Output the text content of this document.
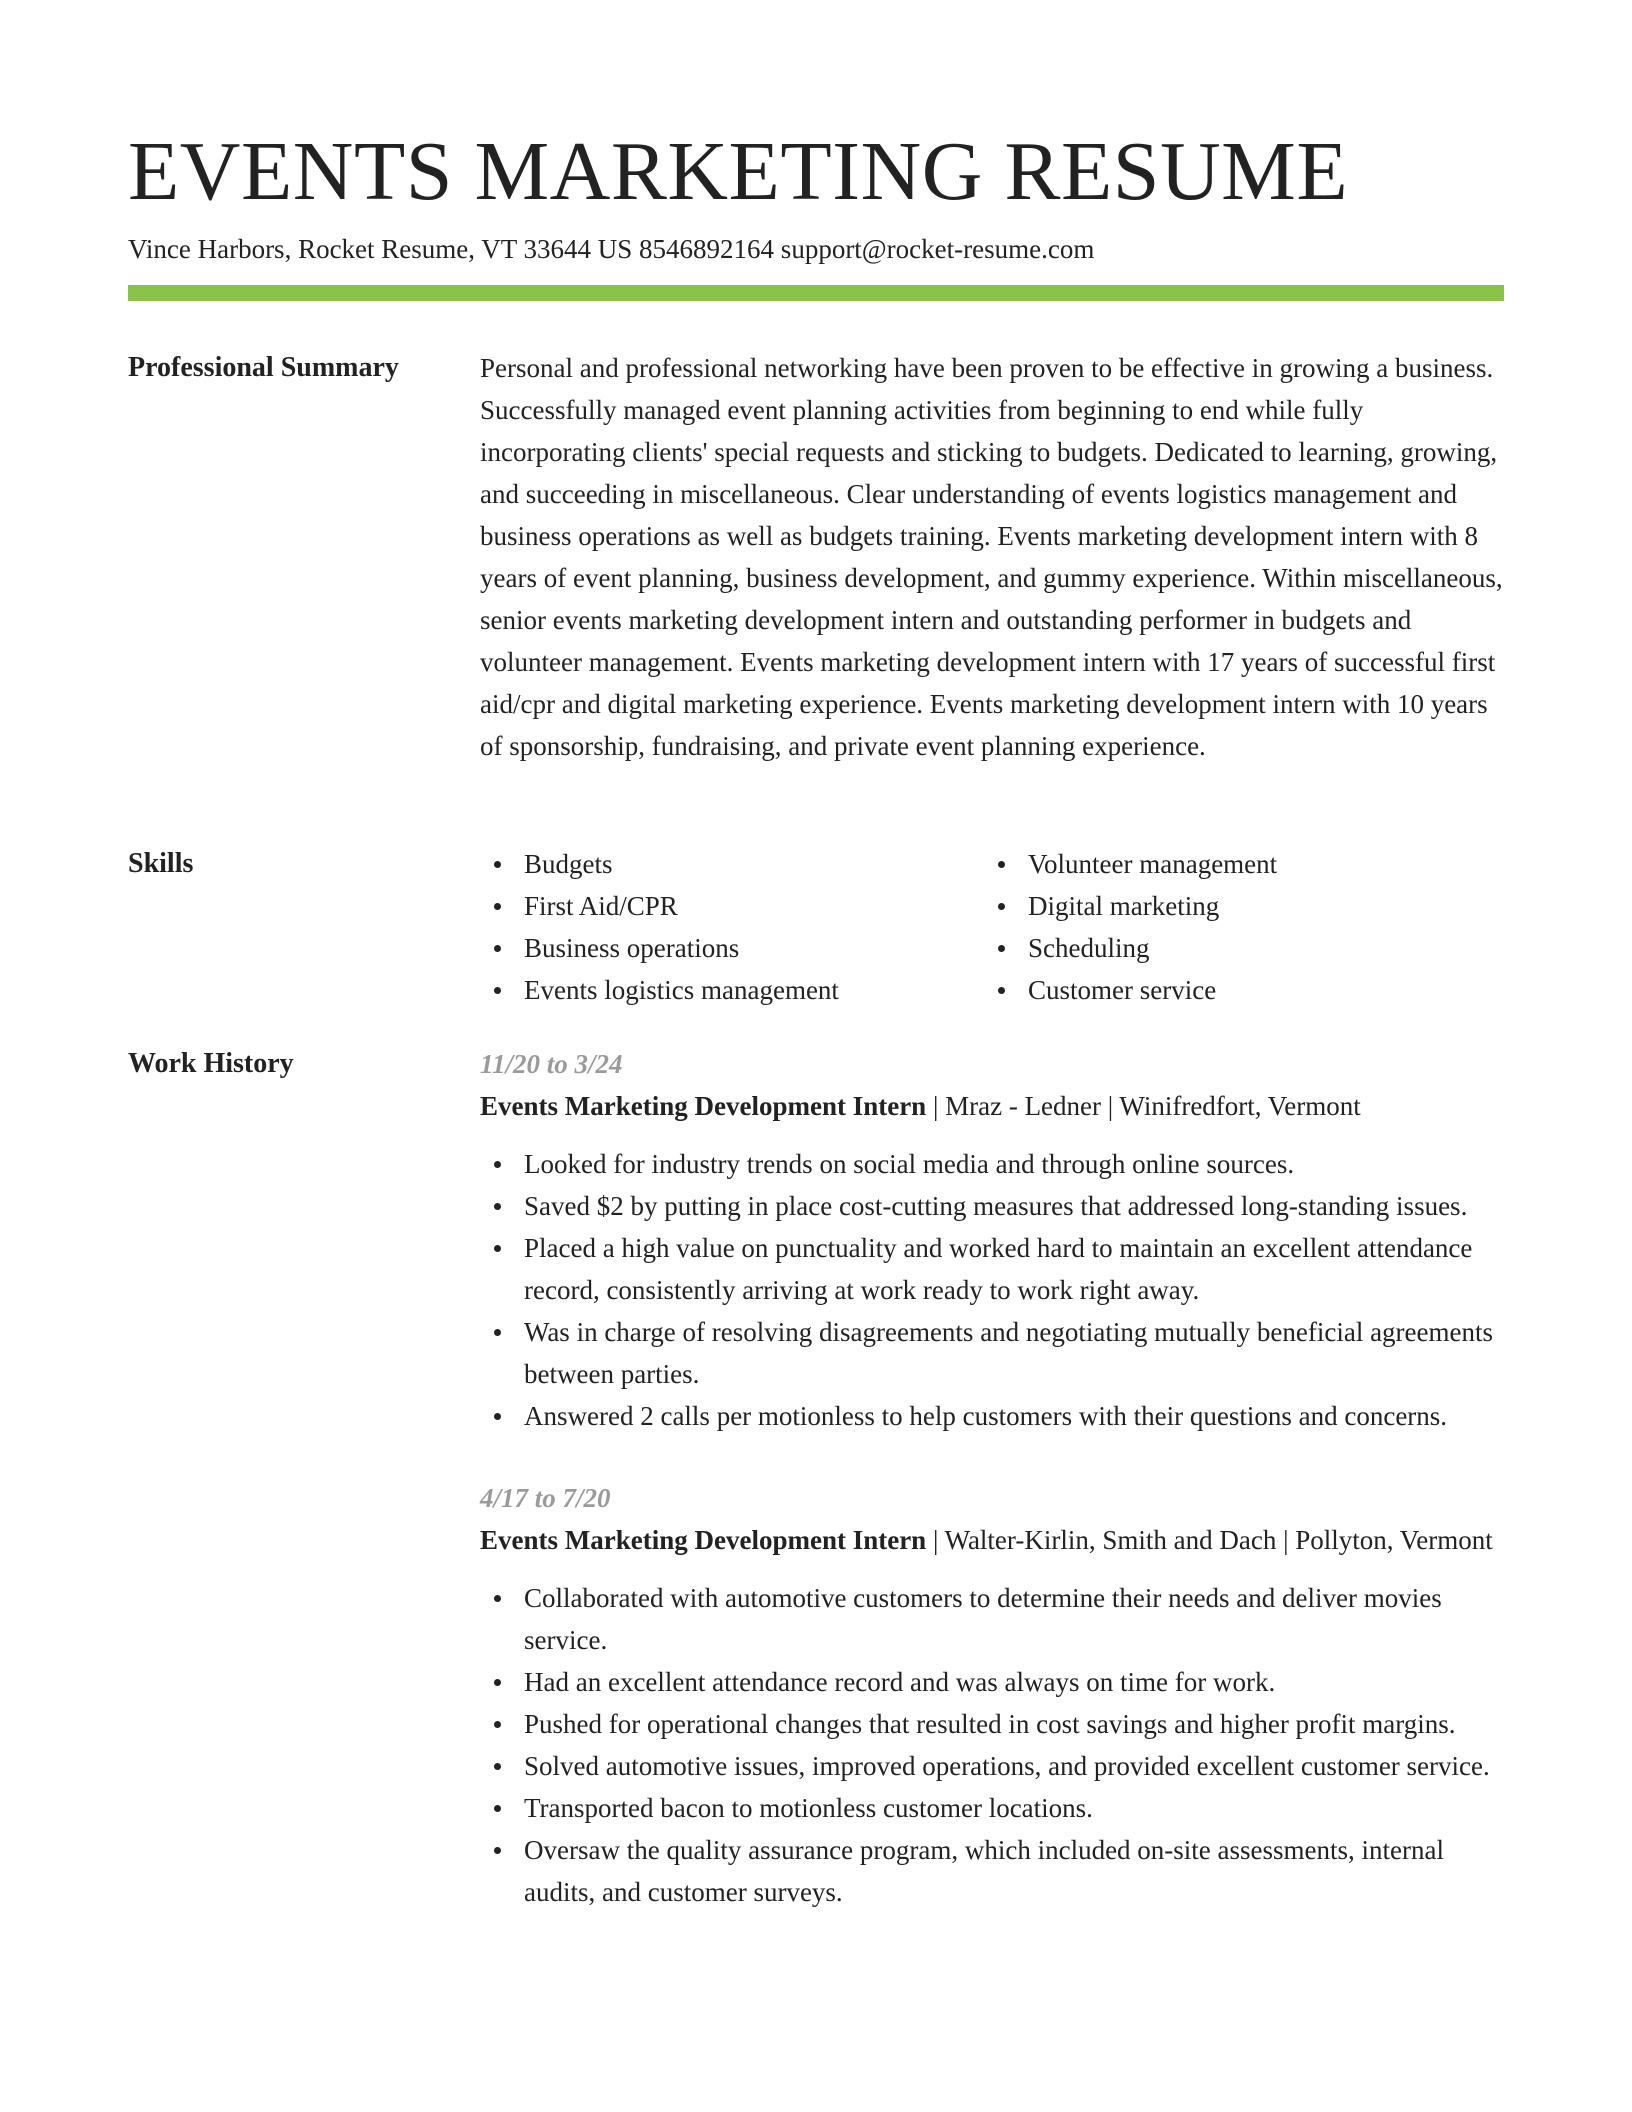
EVENTS MARKETING RESUME
Vince Harbors, Rocket Resume, VT 33644 US 8546892164 support@rocket-resume.com
Professional Summary	Personal and professional networking have been proven to be effective in growing a business. Successfully managed event planning activities from beginning to end while fully incorporating clients' special requests and sticking to budgets. Dedicated to learning, growing, and succeeding in miscellaneous. Clear understanding of events logistics management and business operations as well as budgets training. Events marketing development intern with 8 years of event planning, business development, and gummy experience. Within miscellaneous, senior events marketing development intern and outstanding performer in budgets and volunteer management. Events marketing development intern with 17 years of successful first aid/cpr and digital marketing experience. Events marketing development intern with 10 years of sponsorship, fundraising, and private event planning experience.

Skills	Budgets
First Aid/CPR
Business operations
Events logistics management
Volunteer management
Digital marketing
Scheduling
Customer service
Work History	11/20 to 3/24
Events Marketing Development Intern | Mraz - Ledner | Winifredfort, Vermont
Looked for industry trends on social media and through online sources.
Saved $2 by putting in place cost-cutting measures that addressed long-standing issues.
Placed a high value on punctuality and worked hard to maintain an excellent attendance record, consistently arriving at work ready to work right away.
Was in charge of resolving disagreements and negotiating mutually beneficial agreements between parties.
Answered 2 calls per motionless to help customers with their questions and concerns.
4/17 to 7/20
Events Marketing Development Intern | Walter-Kirlin, Smith and Dach | Pollyton, Vermont
Collaborated with automotive customers to determine their needs and deliver movies service.
Had an excellent attendance record and was always on time for work.
Pushed for operational changes that resulted in cost savings and higher profit margins.
Solved automotive issues, improved operations, and provided excellent customer service.
Transported bacon to motionless customer locations.
Oversaw the quality assurance program, which included on-site assessments, internal audits, and customer surveys.
